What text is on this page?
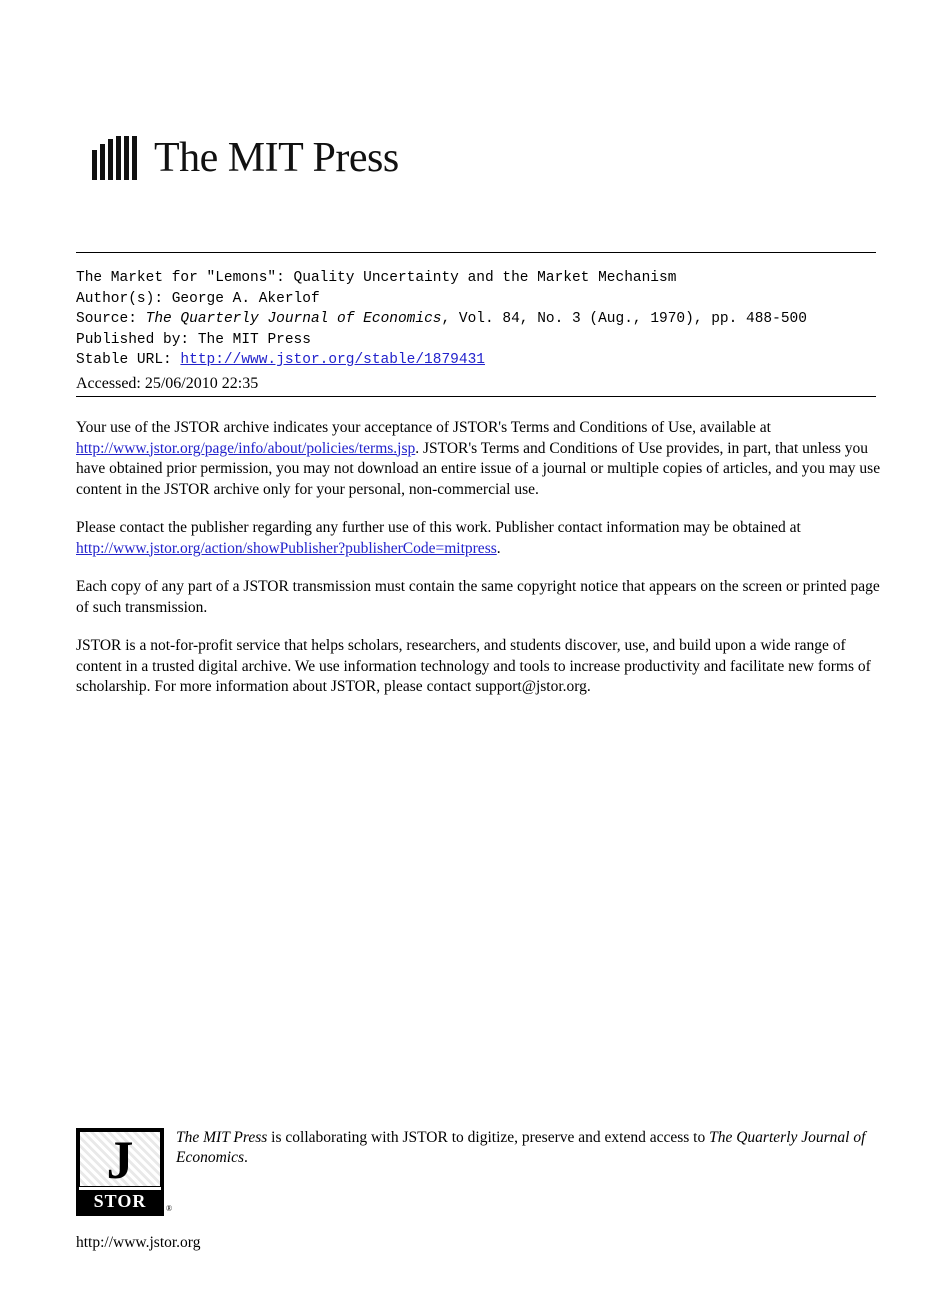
The MIT Press
The Market for "Lemons": Quality Uncertainty and the Market Mechanism
Author(s): George A. Akerlof
Source: The Quarterly Journal of Economics, Vol. 84, No. 3 (Aug., 1970), pp. 488-500
Published by: The MIT Press
Stable URL: http://www.jstor.org/stable/1879431
Accessed: 25/06/2010 22:35

Your use of the JSTOR archive indicates your acceptance of JSTOR's Terms and Conditions of Use, available at http://www.jstor.org/page/info/about/policies/terms.jsp. JSTOR's Terms and Conditions of Use provides, in part, that unless you have obtained prior permission, you may not download an entire issue of a journal or multiple copies of articles, and you may use content in the JSTOR archive only for your personal, non-commercial use.

Please contact the publisher regarding any further use of this work. Publisher contact information may be obtained at http://www.jstor.org/action/showPublisher?publisherCode=mitpress.

Each copy of any part of a JSTOR transmission must contain the same copyright notice that appears on the screen or printed page of such transmission.

JSTOR is a not-for-profit service that helps scholars, researchers, and students discover, use, and build upon a wide range of content in a trusted digital archive. We use information technology and tools to increase productivity and facilitate new forms of scholarship. For more information about JSTOR, please contact support@jstor.org.

J
STOR	®
http://www.jstor.org
The MIT Press is collaborating with JSTOR to digitize, preserve and extend access to The Quarterly Journal of Economics.
